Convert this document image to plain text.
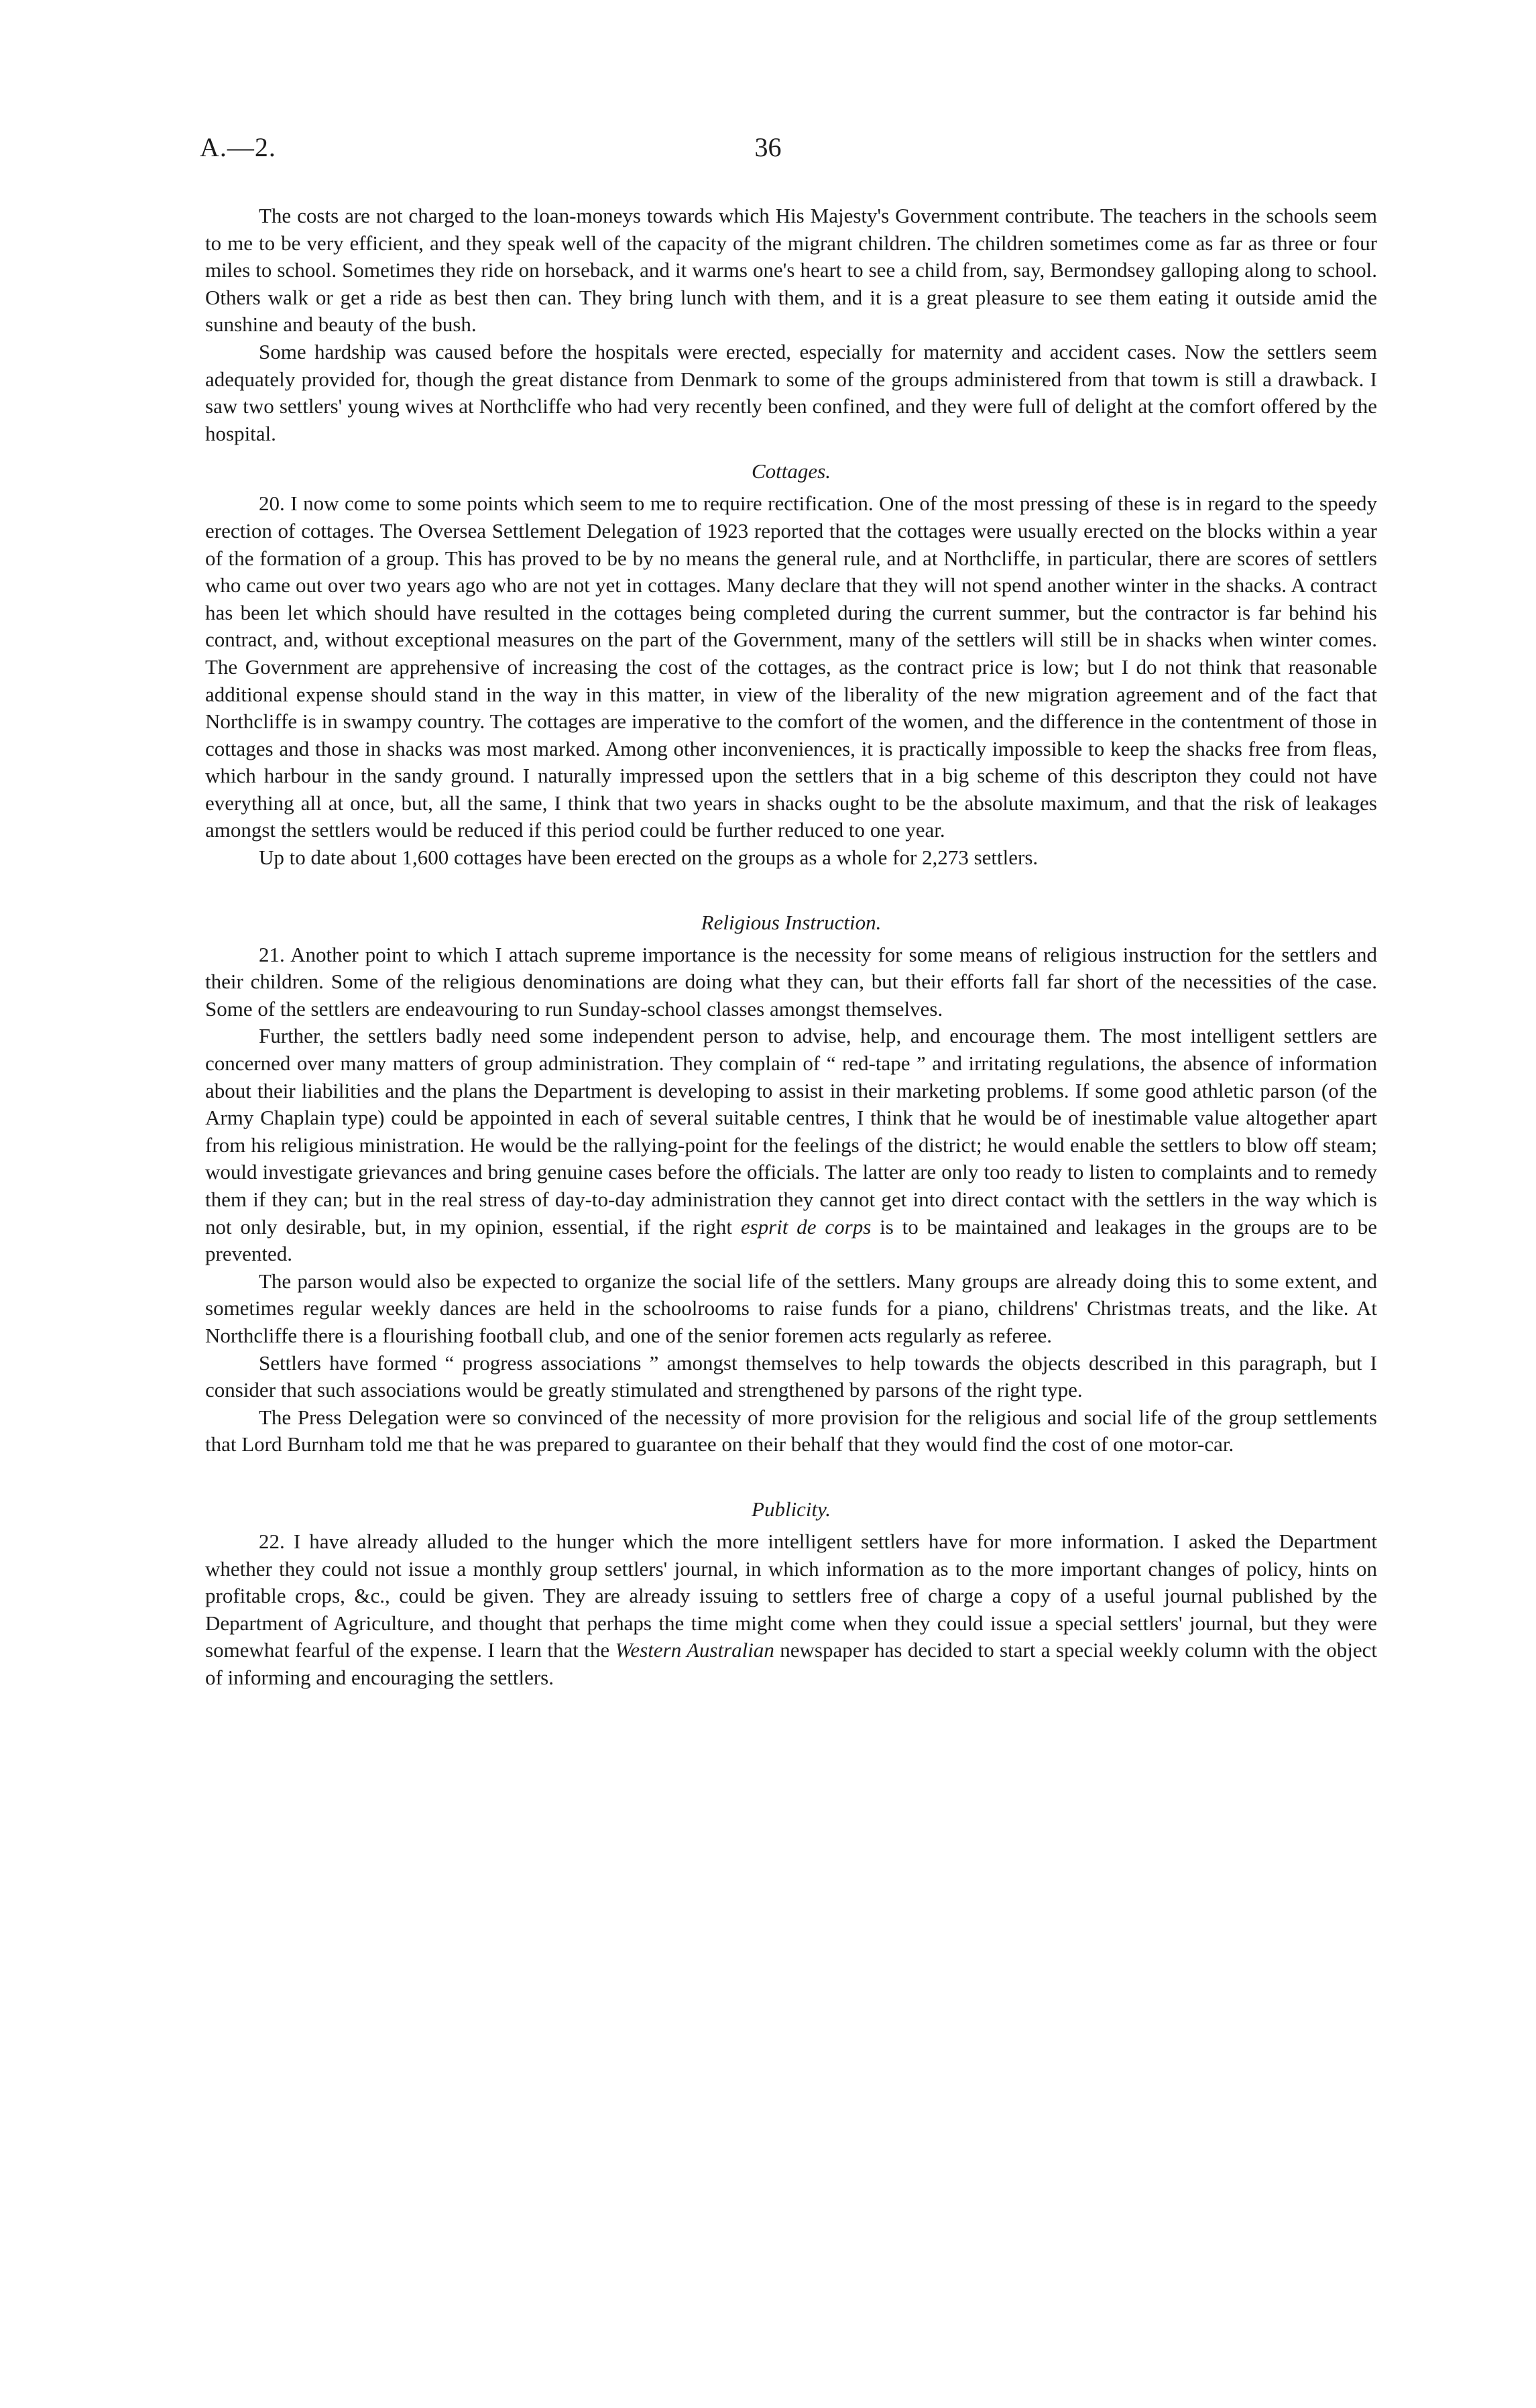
A.—2.	36

The costs are not charged to the loan-moneys towards which His Majesty's Government contribute. The teachers in the schools seem to me to be very efficient, and they speak well of the capacity of the migrant children. The children sometimes come as far as three or four miles to school. Sometimes they ride on horseback, and it warms one's heart to see a child from, say, Bermondsey galloping along to school. Others walk or get a ride as best then can. They bring lunch with them, and it is a great pleasure to see them eating it outside amid the sunshine and beauty of the bush.

Some hardship was caused before the hospitals were erected, especially for maternity and accident cases. Now the settlers seem adequately provided for, though the great distance from Denmark to some of the groups administered from that towm is still a drawback. I saw two settlers' young wives at Northcliffe who had very recently been confined, and they were full of delight at the comfort offered by the hospital.

Cottages.

20. I now come to some points which seem to me to require rectification. One of the most pressing of these is in regard to the speedy erection of cottages. The Oversea Settlement Delegation of 1923 reported that the cottages were usually erected on the blocks within a year of the formation of a group. This has proved to be by no means the general rule, and at Northcliffe, in particular, there are scores of settlers who came out over two years ago who are not yet in cottages. Many declare that they will not spend another winter in the shacks. A contract has been let which should have resulted in the cottages being completed during the current summer, but the contractor is far behind his contract, and, without exceptional measures on the part of the Government, many of the settlers will still be in shacks when winter comes. The Government are apprehensive of increasing the cost of the cottages, as the contract price is low; but I do not think that reasonable additional expense should stand in the way in this matter, in view of the liberality of the new migration agreement and of the fact that Northcliffe is in swampy country. The cottages are imperative to the comfort of the women, and the difference in the contentment of those in cottages and those in shacks was most marked. Among other inconveniences, it is practically impossible to keep the shacks free from fleas, which harbour in the sandy ground. I naturally impressed upon the settlers that in a big scheme of this descripton they could not have everything all at once, but, all the same, I think that two years in shacks ought to be the absolute maximum, and that the risk of leakages amongst the settlers would be reduced if this period could be further reduced to one year.

Up to date about 1,600 cottages have been erected on the groups as a whole for 2,273 settlers.

Religious Instruction.

21. Another point to which I attach supreme importance is the necessity for some means of religious instruction for the settlers and their children. Some of the religious denominations are doing what they can, but their efforts fall far short of the necessities of the case. Some of the settlers are endeavouring to run Sunday-school classes amongst themselves.

Further, the settlers badly need some independent person to advise, help, and encourage them. The most intelligent settlers are concerned over many matters of group administration. They complain of “ red-tape ” and irritating regulations, the absence of information about their liabilities and the plans the Department is developing to assist in their marketing problems. If some good athletic parson (of the Army Chaplain type) could be appointed in each of several suitable centres, I think that he would be of inestimable value altogether apart from his religious ministration. He would be the rallying-point for the feelings of the district; he would enable the settlers to blow off steam; would investigate grievances and bring genuine cases before the officials. The latter are only too ready to listen to complaints and to remedy them if they can; but in the real stress of day-to-day administration they cannot get into direct contact with the settlers in the way which is not only desirable, but, in my opinion, essential, if the right esprit de corps is to be maintained and leakages in the groups are to be prevented.

The parson would also be expected to organize the social life of the settlers. Many groups are already doing this to some extent, and sometimes regular weekly dances are held in the schoolrooms to raise funds for a piano, childrens' Christmas treats, and the like. At Northcliffe there is a flourishing football club, and one of the senior foremen acts regularly as referee.

Settlers have formed “ progress associations ” amongst themselves to help towards the objects described in this paragraph, but I consider that such associations would be greatly stimulated and strengthened by parsons of the right type.

The Press Delegation were so convinced of the necessity of more provision for the religious and social life of the group settlements that Lord Burnham told me that he was prepared to guarantee on their behalf that they would find the cost of one motor-car.

Publicity.

22. I have already alluded to the hunger which the more intelligent settlers have for more information. I asked the Department whether they could not issue a monthly group settlers' journal, in which information as to the more important changes of policy, hints on profitable crops, &c., could be given. They are already issuing to settlers free of charge a copy of a useful journal published by the Department of Agriculture, and thought that perhaps the time might come when they could issue a special settlers' journal, but they were somewhat fearful of the expense. I learn that the Western Australian newspaper has decided to start a special weekly column with the object of informing and encouraging the settlers.
